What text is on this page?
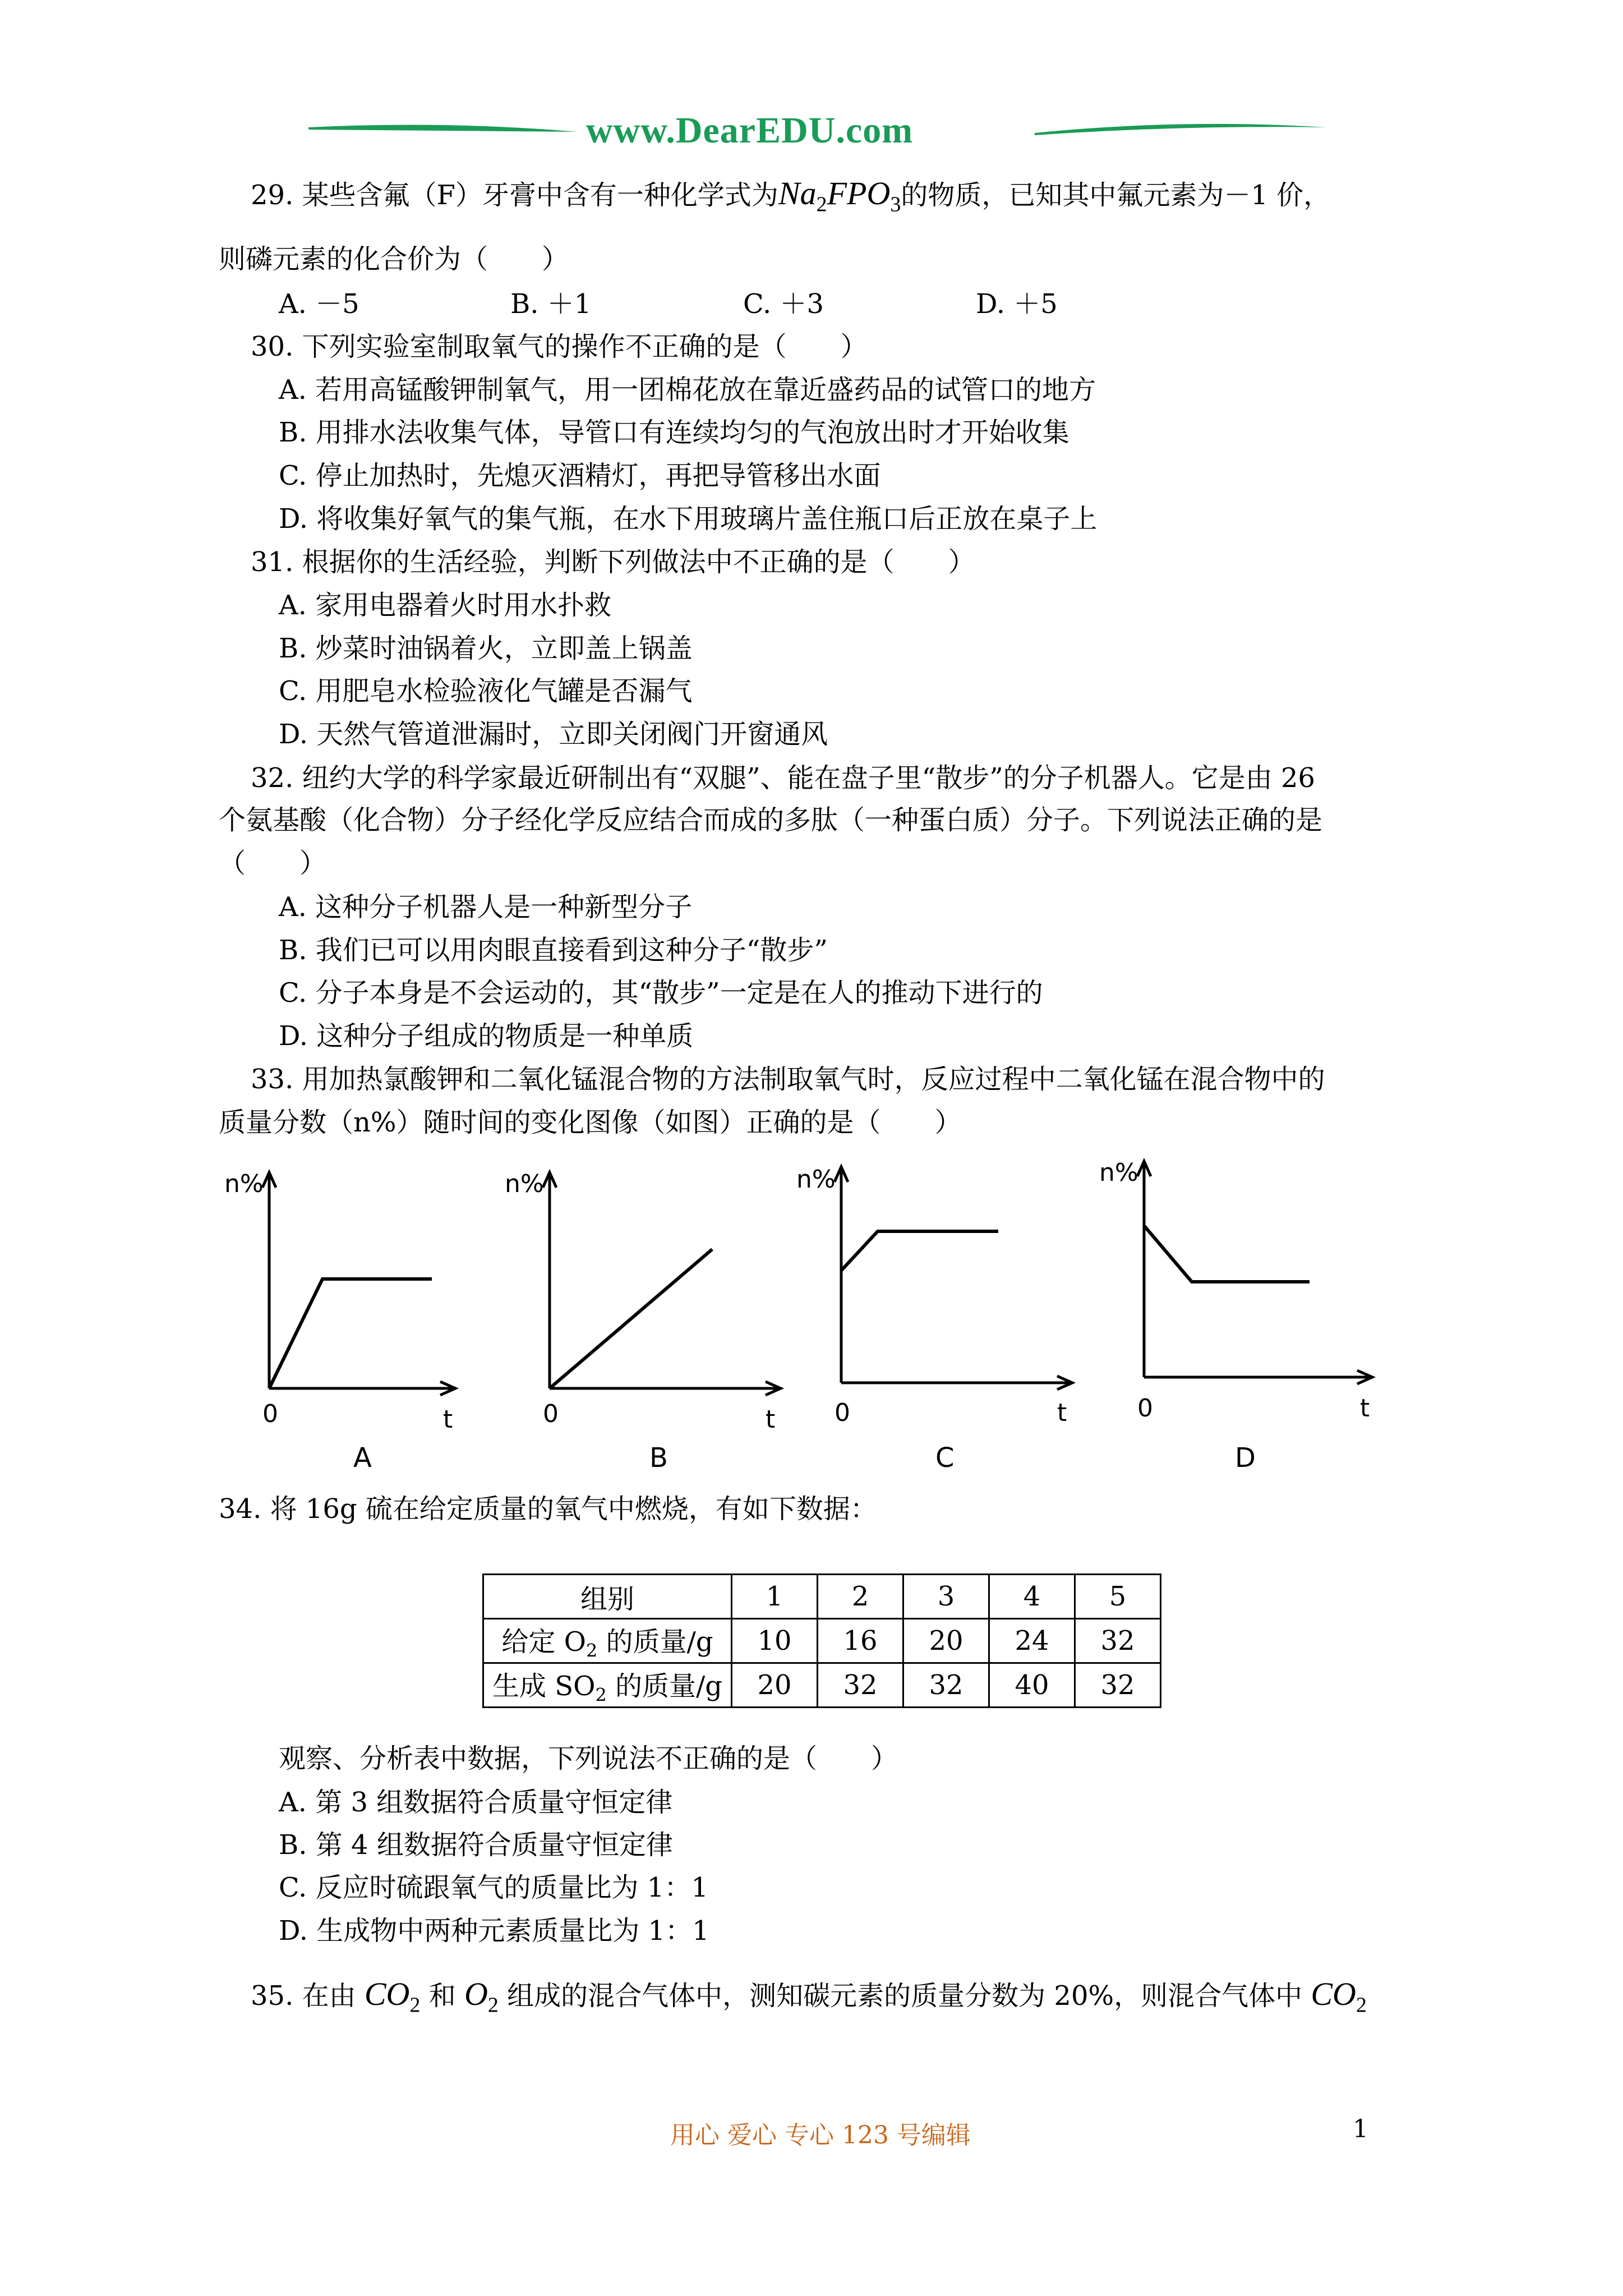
www.DearEDU.com
29. 某些含氟（F）牙膏中含有一种化学式为$Na_2FPO_3$的物质，已知其中氟元素为－1 价，
则磷元素的化合价为（　　）
A. －5	B. ＋1	C. ＋3	D. ＋5
30. 下列实验室制取氧气的操作不正确的是（　　）
A. 若用高锰酸钾制氧气，用一团棉花放在靠近盛药品的试管口的地方
B. 用排水法收集气体，导管口有连续均匀的气泡放出时才开始收集
C. 停止加热时，先熄灭酒精灯，再把导管移出水面
D. 将收集好氧气的集气瓶，在水下用玻璃片盖住瓶口后正放在桌子上
31. 根据你的生活经验，判断下列做法中不正确的是（　　）
A. 家用电器着火时用水扑救
B. 炒菜时油锅着火，立即盖上锅盖
C. 用肥皂水检验液化气罐是否漏气
D. 天然气管道泄漏时，立即关闭阀门开窗通风
32. 纽约大学的科学家最近研制出有“双腿”、能在盘子里“散步”的分子机器人。它是由 26
个氨基酸（化合物）分子经化学反应结合而成的多肽（一种蛋白质）分子。下列说法正确的是
（　　）
A. 这种分子机器人是一种新型分子
B. 我们已可以用肉眼直接看到这种分子“散步”
C. 分子本身是不会运动的，其“散步”一定是在人的推动下进行的
D. 这种分子组成的物质是一种单质
33. 用加热氯酸钾和二氧化锰混合物的方法制取氧气时，反应过程中二氧化锰在混合物中的
质量分数（n%）随时间的变化图像（如图）正确的是（　　）
n%
t
0
A
n%
t
0
B
n%
t
0
C
n%
t
0
D
34. 将 16g 硫在给定质量的氧气中燃烧，有如下数据：
组别	1	2	3	4	5
给定 $O_2$ 的质量/g	10	16	20	24	32
生成 $SO_2$ 的质量/g	20	32	32	40	32
观察、分析表中数据，下列说法不正确的是（　　）
A. 第 3 组数据符合质量守恒定律
B. 第 4 组数据符合质量守恒定律
C. 反应时硫跟氧气的质量比为 1：1
D. 生成物中两种元素质量比为 1：1
35. 在由 $CO_2$ 和 $O_2$ 组成的混合气体中，测知碳元素的质量分数为 20%，则混合气体中 $CO_2$
用心 爱心 专心 123 号编辑	1
